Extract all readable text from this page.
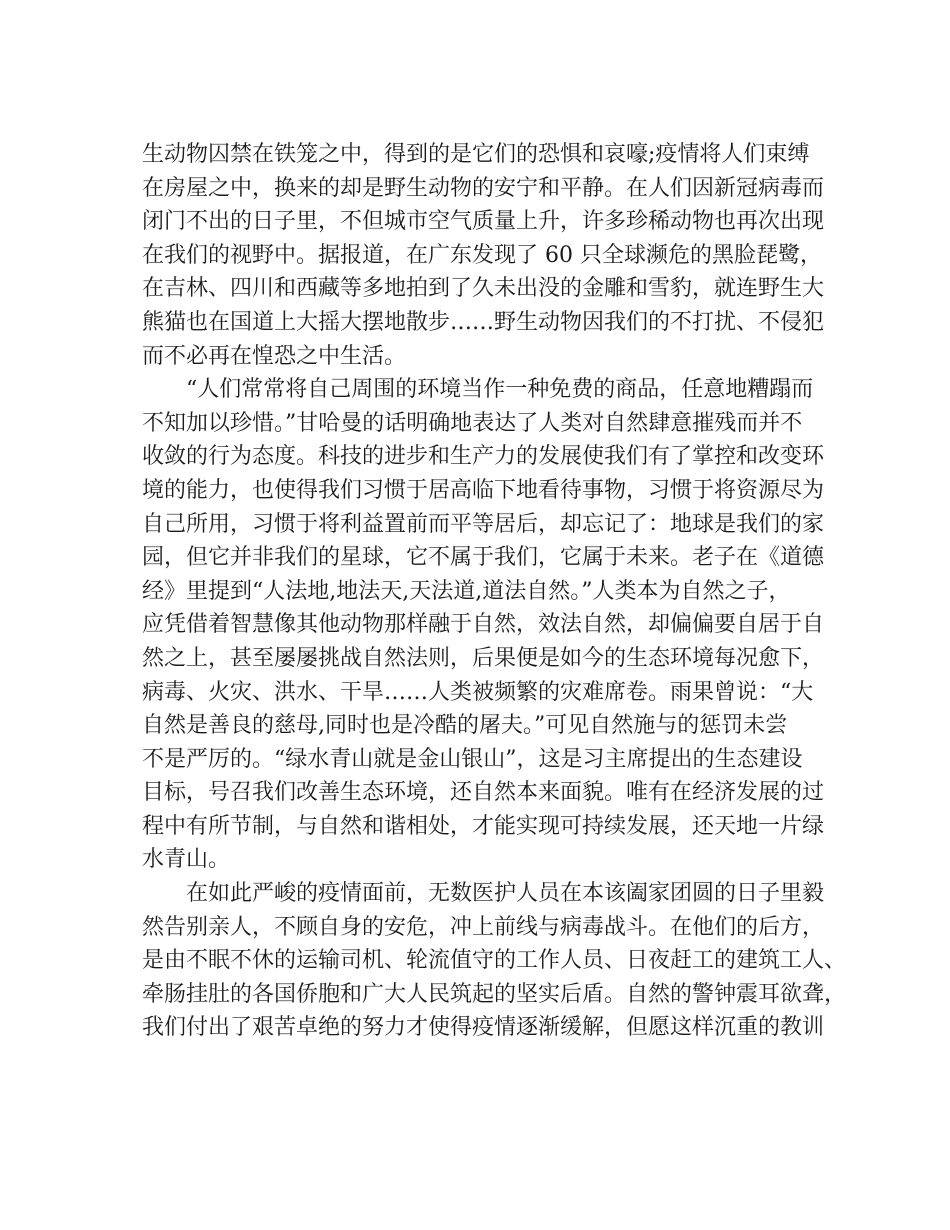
生动物囚禁在铁笼之中，得到的是它们的恐惧和哀嚎;疫情将人们束缚
在房屋之中，换来的却是野生动物的安宁和平静。在人们因新冠病毒而
闭门不出的日子里，不但城市空气质量上升，许多珍稀动物也再次出现
在我们的视野中。据报道，在广东发现了 60 只全球濒危的黑脸琵鹭，
在吉林、四川和西藏等多地拍到了久未出没的金雕和雪豹，就连野生大
熊猫也在国道上大摇大摆地散步……野生动物因我们的不打扰、不侵犯
而不必再在惶恐之中生活。
“人们常常将自己周围的环境当作一种免费的商品，任意地糟蹋而
不知加以珍惜。”甘哈曼的话明确地表达了人类对自然肆意摧残而并不
收敛的行为态度。科技的进步和生产力的发展使我们有了掌控和改变环
境的能力，也使得我们习惯于居高临下地看待事物，习惯于将资源尽为
自己所用，习惯于将利益置前而平等居后，却忘记了：地球是我们的家
园，但它并非我们的星球，它不属于我们，它属于未来。老子在《道德
经》里提到“人法地,地法天,天法道,道法自然。”人类本为自然之子，
应凭借着智慧像其他动物那样融于自然，效法自然，却偏偏要自居于自
然之上，甚至屡屡挑战自然法则，后果便是如今的生态环境每况愈下，
病毒、火灾、洪水、干旱……人类被频繁的灾难席卷。雨果曾说：“大
自然是善良的慈母,同时也是冷酷的屠夫。”可见自然施与的惩罚未尝
不是严厉的。“绿水青山就是金山银山”，这是习主席提出的生态建设
目标，号召我们改善生态环境，还自然本来面貌。唯有在经济发展的过
程中有所节制，与自然和谐相处，才能实现可持续发展，还天地一片绿
水青山。
在如此严峻的疫情面前，无数医护人员在本该阖家团圆的日子里毅
然告别亲人，不顾自身的安危，冲上前线与病毒战斗。在他们的后方，
是由不眠不休的运输司机、轮流值守的工作人员、日夜赶工的建筑工人、
牵肠挂肚的各国侨胞和广大人民筑起的坚实后盾。自然的警钟震耳欲聋，
我们付出了艰苦卓绝的努力才使得疫情逐渐缓解，但愿这样沉重的教训
